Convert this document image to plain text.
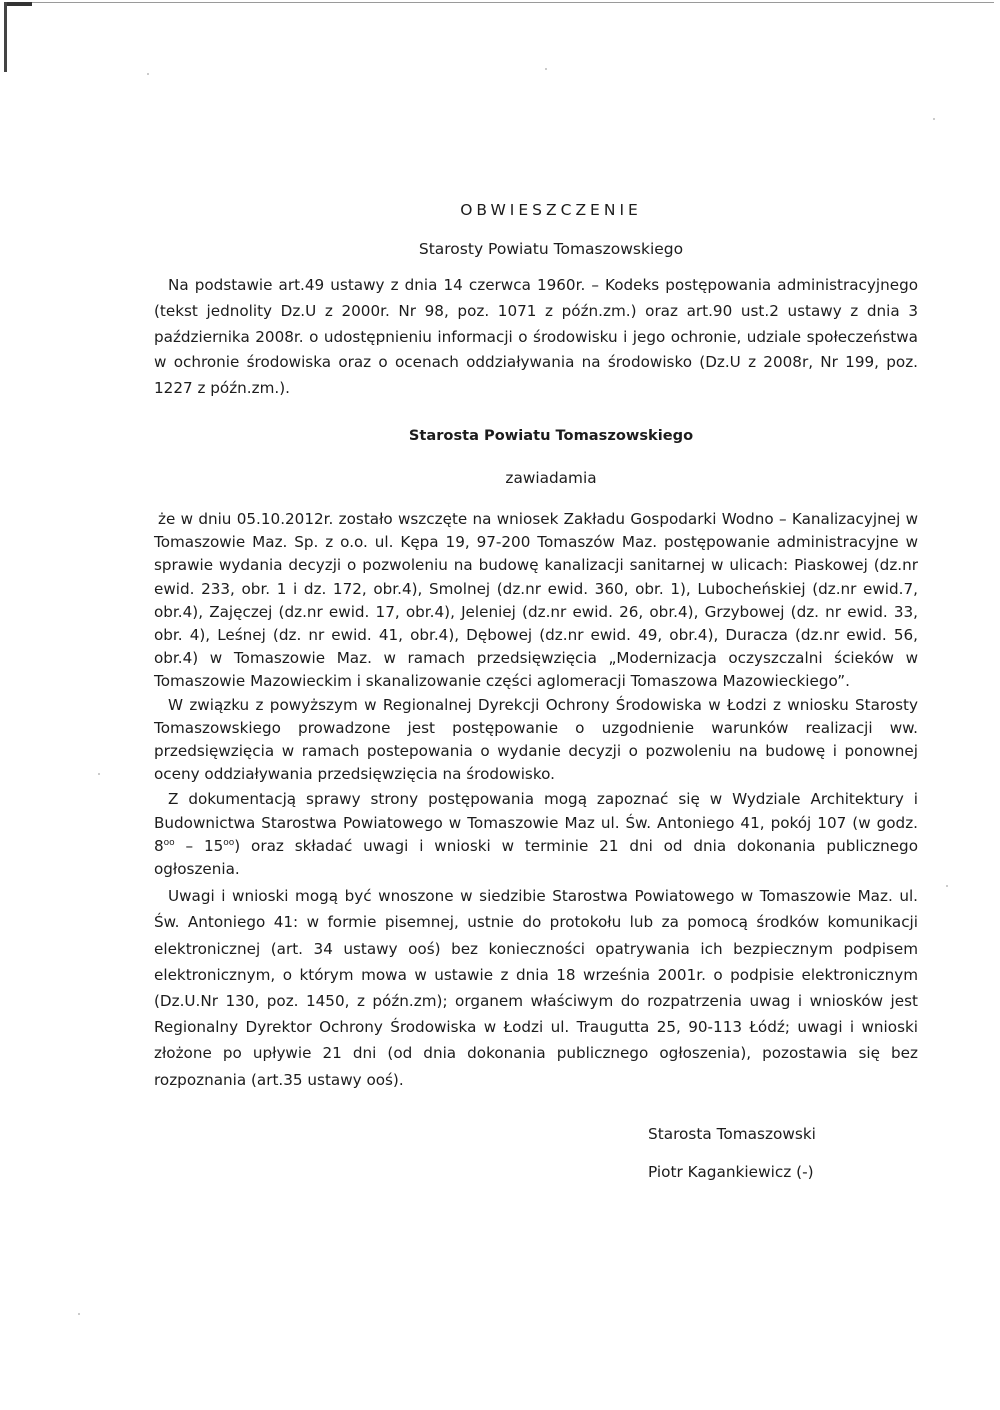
OBWIESZCZENIE

Starosty Powiatu Tomaszowskiego

Na podstawie art.49 ustawy z dnia 14 czerwca 1960r. – Kodeks postępowania administracyjnego (tekst jednolity Dz.U z 2000r. Nr 98, poz. 1071 z późn.zm.) oraz art.90 ust.2 ustawy z dnia 3 października 2008r. o udostępnieniu informacji o środowisku i jego ochronie, udziale społeczeństwa w ochronie środowiska oraz o ocenach oddziaływania na środowisko (Dz.U z 2008r, Nr 199, poz. 1227 z późn.zm.).

Starosta Powiatu Tomaszowskiego

zawiadamia

że w dniu 05.10.2012r. zostało wszczęte na wniosek Zakładu Gospodarki Wodno – Kanalizacyjnej w Tomaszowie Maz. Sp. z o.o. ul. Kępa 19, 97-200 Tomaszów Maz. postępowanie administracyjne w sprawie wydania decyzji o pozwoleniu na budowę kanalizacji sanitarnej w ulicach: Piaskowej (dz.nr ewid. 233, obr. 1 i dz. 172, obr.4), Smolnej (dz.nr ewid. 360, obr. 1), Lubocheńskiej (dz.nr ewid.7, obr.4), Zajęczej (dz.nr ewid. 17, obr.4), Jeleniej (dz.nr ewid. 26, obr.4), Grzybowej (dz. nr ewid. 33, obr. 4), Leśnej (dz. nr ewid. 41, obr.4), Dębowej (dz.nr ewid. 49, obr.4), Duracza (dz.nr ewid. 56, obr.4) w Tomaszowie Maz. w ramach przedsięwzięcia „Modernizacja oczyszczalni ścieków w Tomaszowie Mazowieckim i skanalizowanie części aglomeracji Tomaszowa Mazowieckiego”.

W związku z powyższym w Regionalnej Dyrekcji Ochrony Środowiska w Łodzi z wniosku Starosty Tomaszowskiego prowadzone jest postępowanie o uzgodnienie warunków realizacji ww. przedsięwzięcia w ramach postepowania o wydanie decyzji o pozwoleniu na budowę i ponownej oceny oddziaływania przedsięwzięcia na środowisko.

Z dokumentacją sprawy strony postępowania mogą zapoznać się w Wydziale Architektury i Budownictwa Starostwa Powiatowego w Tomaszowie Maz ul. Św. Antoniego 41, pokój 107 (w godz. $8^{oo} - 15^{oo}$) oraz składać uwagi i wnioski w terminie 21 dni od dnia dokonania publicznego ogłoszenia.

Uwagi i wnioski mogą być wnoszone w siedzibie Starostwa Powiatowego w Tomaszowie Maz. ul. Św. Antoniego 41: w formie pisemnej, ustnie do protokołu lub za pomocą środków komunikacji elektronicznej (art. 34 ustawy ooś) bez konieczności opatrywania ich bezpiecznym podpisem elektronicznym, o którym mowa w ustawie z dnia 18 września 2001r. o podpisie elektronicznym (Dz.U.Nr 130, poz. 1450, z późn.zm); organem właściwym do rozpatrzenia uwag i wniosków jest Regionalny Dyrektor Ochrony Środowiska w Łodzi ul. Traugutta 25, 90-113 Łódź; uwagi i wnioski złożone po upływie 21 dni (od dnia dokonania publicznego ogłoszenia), pozostawia się bez rozpoznania (art.35 ustawy ooś).

Starosta Tomaszowski

Piotr Kagankiewicz (-)
